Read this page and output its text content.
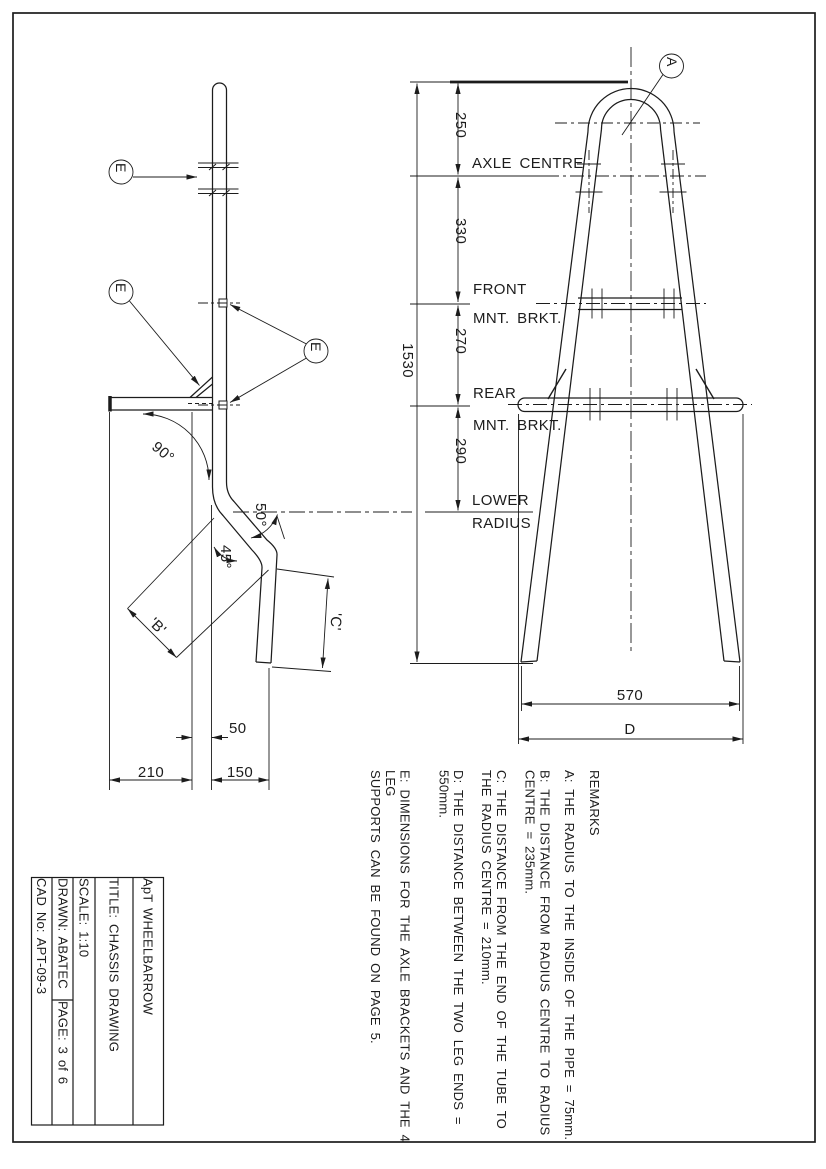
E
E
E
A
90°
50°
45°
'B'	'C'
50
210	150
250
330
270
290
1530
AXLE CENTRE
FRONT
MNT. BRKT.
REAR
MNT. BRKT.
LOWER
RADIUS
570
D

REMARKS

A: THE RADIUS TO THE INSIDE OF THE PIPE = 75mm.

B: THE DISTANCE FROM RADIUS CENTRE TO RADIUS
CENTRE = 235mm.

C: THE DISTANCE FROM THE END OF THE TUBE TO
THE RADIUS CENTRE = 210mm.

D: THE DISTANCE BETWEEN THE TWO LEG ENDS = 550mm.

E: DIMENSIONS FOR THE AXLE BRACKETS AND THE 4 LEG
SUPPORTS CAN BE FOUND ON PAGE 5.

ApT WHEELBARROW
TITLE: CHASSIS DRAWING
SCALE: 1:10
DRAWN: ABATEC
PAGE: 3 of 6
CAD No: APT-09-3
